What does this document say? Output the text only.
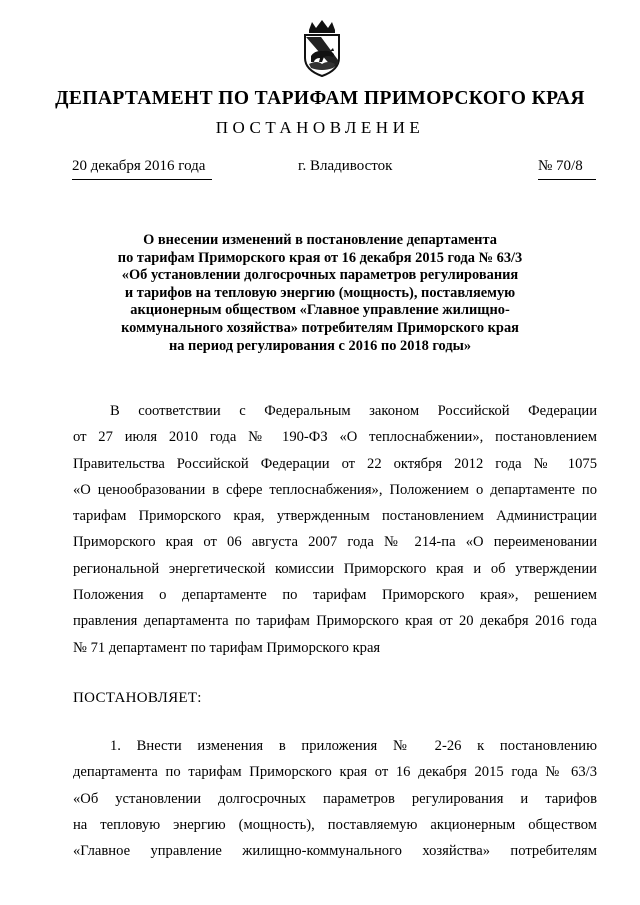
ДЕПАРТАМЕНТ ПО ТАРИФАМ ПРИМОРСКОГО КРАЯ
ПОСТАНОВЛЕНИЕ
20 декабря 2016 года	г. Владивосток	№ 70/8
О внесении изменений в постановление департамента
по тарифам Приморского края от 16 декабря 2015 года № 63/3
«Об установлении долгосрочных параметров регулирования
и тарифов на тепловую энергию (мощность), поставляемую
акционерным обществом «Главное управление жилищно-
коммунального хозяйства» потребителям Приморского края
на период регулирования с 2016 по 2018 годы»
В соответствии с Федеральным законом Российской Федерации
от 27 июля 2010 года № 190-ФЗ «О теплоснабжении», постановлением
Правительства Российской Федерации от 22 октября 2012 года № 1075
«О ценообразовании в сфере теплоснабжения», Положением о департаменте по
тарифам Приморского края, утвержденным постановлением Администрации
Приморского края от 06 августа 2007 года № 214-па «О переименовании
региональной энергетической комиссии Приморского края и об утверждении
Положения о департаменте по тарифам Приморского края», решением
правления департамента по тарифам Приморского края от 20 декабря 2016 года
№ 71 департамент по тарифам Приморского края
ПОСТАНОВЛЯЕТ:
1. Внести изменения в приложения № 2-26 к постановлению
департамента по тарифам Приморского края от 16 декабря 2015 года № 63/3
«Об установлении долгосрочных параметров регулирования и тарифов
на тепловую энергию (мощность), поставляемую акционерным обществом
«Главное управление жилищно-коммунального хозяйства» потребителям
